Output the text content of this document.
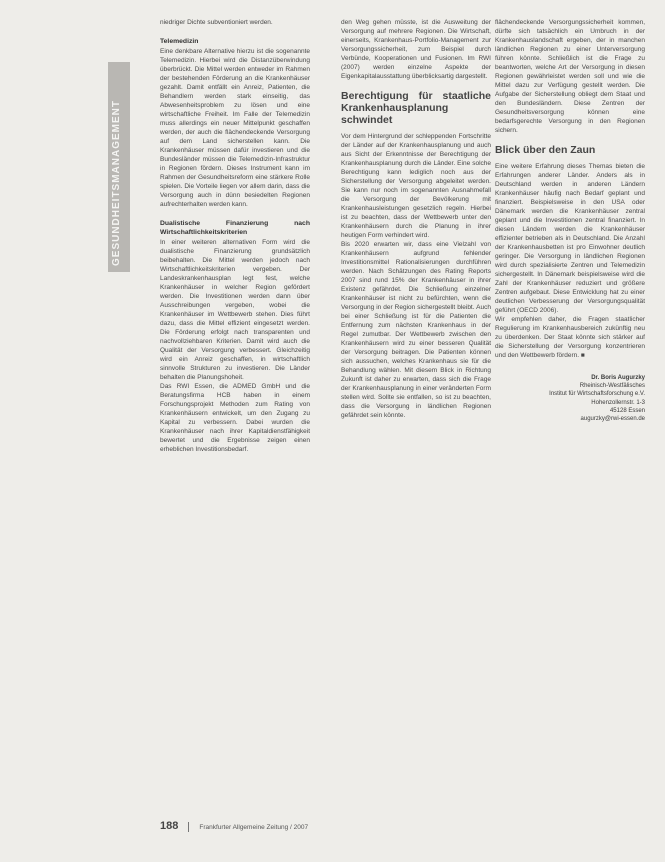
GESUNDHEITSMANAGEMENT

niedriger Dichte subventioniert werden.

Telemedizin

Eine denkbare Alternative hierzu ist die sogenannte Telemedizin. Hierbei wird die Distanzüberwindung überbrückt. Die Mittel werden entweder im Rahmen der bestehenden Förderung an die Krankenhäuser gezahlt. Damit entfällt ein Anreiz, Patienten, die Behandlern werden stark einseitig, das Abwesenheitsproblem zu lösen und eine wirtschaftliche Freiheit. Im Falle der Telemedizin muss allerdings ein neuer Mittelpunkt geschaffen werden, der auch die flächendeckende Versorgung auf dem Land sicherstellen kann. Die Krankenhäuser müssen dafür investieren und die Bundesländer müssen die Telemedizin-Infrastruktur in Regionen fördern. Dieses Instrument kann im Rahmen der Gesundheitsreform eine stärkere Rolle spielen. Die Vorteile liegen vor allem darin, dass die Versorgung auch in dünn besiedelten Regionen aufrechterhalten werden kann.

Dualistische Finanzierung nach Wirtschaftlichkeitskriterien

In einer weiteren alternativen Form wird die dualistische Finanzierung grundsätzlich beibehalten. Die Mittel werden jedoch nach Wirtschaftlichkeitskriterien vergeben. Der Landeskrankenhausplan legt fest, welche Krankenhäuser in welcher Region gefördert werden. Die Investitionen werden dann über Ausschreibungen vergeben, wobei die Krankenhäuser im Wettbewerb stehen. Dies führt dazu, dass die Mittel effizient eingesetzt werden. Die Förderung erfolgt nach transparenten und nachvollziehbaren Kriterien. Damit wird auch die Qualität der Versorgung verbessert. Gleichzeitig wird ein Anreiz geschaffen, in wirtschaftlich sinnvolle Strukturen zu investieren. Die Länder behalten die Planungshoheit.

Das RWI Essen, die ADMED GmbH und die Beratungsfirma HCB haben in einem Forschungsprojekt Methoden zum Rating von Krankenhäusern entwickelt, um den Zugang zu Kapital zu verbessern. Dabei wurden die Krankenhäuser nach ihrer Kapitaldienstfähigkeit bewertet und die Ergebnisse zeigen einen erheblichen Investitionsbedarf.

den Weg gehen müsste, ist die Ausweitung der Versorgung auf mehrere Regionen. Die Wirtschaft, einerseits, Krankenhaus-Portfolio-Management zur Versorgungssicherheit, zum Beispiel durch Verbünde, Kooperationen und Fusionen. Im RWI (2007) werden einzelne Aspekte der Eigenkapitalausstattung überblicksartig dargestellt.

Berechtigung für staatliche Krankenhausplanung schwindet

Vor dem Hintergrund der schleppenden Fortschritte der Länder auf der Krankenhausplanung und auch aus Sicht der Erkenntnisse der Berechtigung der Krankenhausplanung durch die Länder. Eine solche Berechtigung kann lediglich noch aus der Sicherstellung der Versorgung abgeleitet werden. Sie kann nur noch im sogenannten Ausnahmefall die Versorgung der Bevölkerung mit Krankenhausleistungen gesetzlich regeln. Hierbei ist zu beachten, dass der Wettbewerb unter den Krankenhäusern durch die Planung in ihrer heutigen Form verhindert wird.

Bis 2020 erwarten wir, dass eine Vielzahl von Krankenhäusern aufgrund fehlender Investitionsmittel Rationalisierungen durchführen werden. Nach Schätzungen des Rating Reports 2007 sind rund 15% der Krankenhäuser in ihrer Existenz gefährdet. Die Schließung einzelner Krankenhäuser ist nicht zu befürchten, wenn die Versorgung in der Region sichergestellt bleibt. Auch bei einer Schließung ist für die Patienten die Entfernung zum nächsten Krankenhaus in der Regel zumutbar. Der Wettbewerb zwischen den Krankenhäusern wird zu einer besseren Qualität der Versorgung beitragen. Die Patienten können sich aussuchen, welches Krankenhaus sie für die Behandlung wählen. Mit diesem Blick in Richtung Zukunft ist daher zu erwarten, dass sich die Frage der Krankenhausplanung in einer veränderten Form stellen wird. Sollte sie entfallen, so ist zu beachten, dass die Versorgung in ländlichen Regionen gefährdet sein könnte.

flächendeckende Versorgungssicherheit kommen, dürfte sich tatsächlich ein Umbruch in der Krankenhauslandschaft ergeben, der in manchen ländlichen Regionen zu einer Unterversorgung führen könnte. Schließlich ist die Frage zu beantworten, welche Art der Versorgung in diesen Regionen gewährleistet werden soll und wie die Mittel dazu zur Verfügung gestellt werden. Die Aufgabe der Sicherstellung obliegt dem Staat und den Bundesländern. Diese Zentren der Gesundheitsversorgung können eine bedarfsgerechte Versorgung in den Regionen sichern.

Blick über den Zaun

Eine weitere Erfahrung dieses Themas bieten die Erfahrungen anderer Länder. Anders als in Deutschland werden in anderen Ländern Krankenhäuser häufig nach Bedarf geplant und finanziert. Beispielsweise in den USA oder Dänemark werden die Krankenhäuser zentral geplant und die Investitionen zentral finanziert. In diesen Ländern werden die Krankenhäuser effizienter betrieben als in Deutschland. Die Anzahl der Krankenhausbetten ist pro Einwohner deutlich geringer. Die Versorgung in ländlichen Regionen wird durch spezialisierte Zentren und Telemedizin sichergestellt. In Dänemark beispielsweise wird die Zahl der Krankenhäuser reduziert und größere Zentren aufgebaut. Diese Entwicklung hat zu einer deutlichen Verbesserung der Versorgungsqualität geführt (OECD 2006).

Wir empfehlen daher, die Fragen staatlicher Regulierung im Krankenhausbereich zukünftig neu zu überdenken. Der Staat könnte sich stärker auf die Sicherstellung der Versorgung konzentrieren und den Wettbewerb fördern. ■

Dr. Boris Augurzky
Rheinisch-Westfälisches
Institut für Wirtschaftsforschung e.V.
Hohenzollernstr. 1-3
45128 Essen
augurzky@rwi-essen.de
188	Frankfurter Allgemeine Zeitung / 2007
